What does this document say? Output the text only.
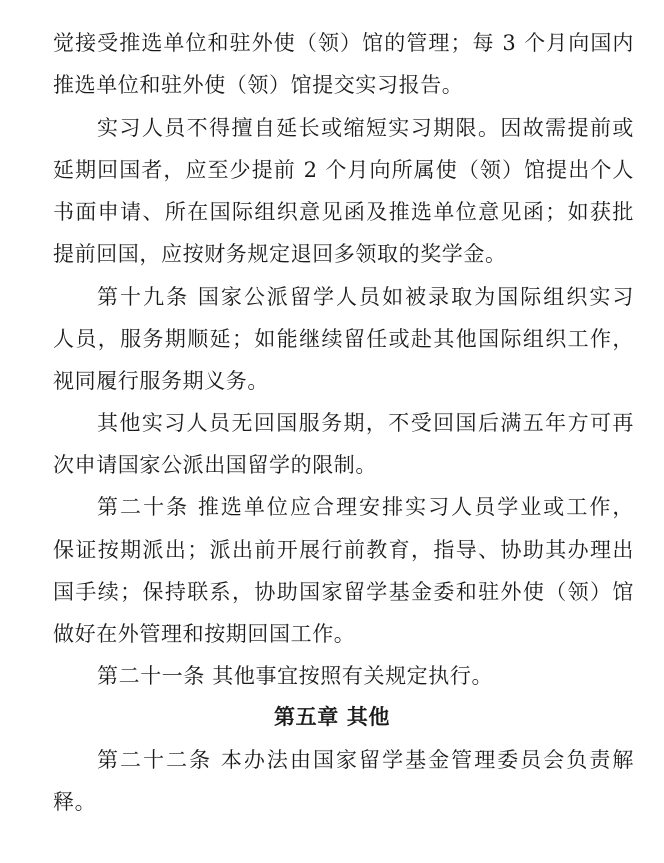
觉接受推选单位和驻外使（领）馆的管理；每 3 个月向国内
推选单位和驻外使（领）馆提交实习报告。
实习人员不得擅自延长或缩短实习期限。因故需提前或
延期回国者，应至少提前 2 个月向所属使（领）馆提出个人
书面申请、所在国际组织意见函及推选单位意见函；如获批
提前回国，应按财务规定退回多领取的奖学金。
第十九条 国家公派留学人员如被录取为国际组织实习
人员，服务期顺延；如能继续留任或赴其他国际组织工作，
视同履行服务期义务。
其他实习人员无回国服务期，不受回国后满五年方可再
次申请国家公派出国留学的限制。
第二十条 推选单位应合理安排实习人员学业或工作，
保证按期派出；派出前开展行前教育，指导、协助其办理出
国手续；保持联系，协助国家留学基金委和驻外使（领）馆
做好在外管理和按期回国工作。
第二十一条 其他事宜按照有关规定执行。
第五章 其他
第二十二条 本办法由国家留学基金管理委员会负责解
释。
